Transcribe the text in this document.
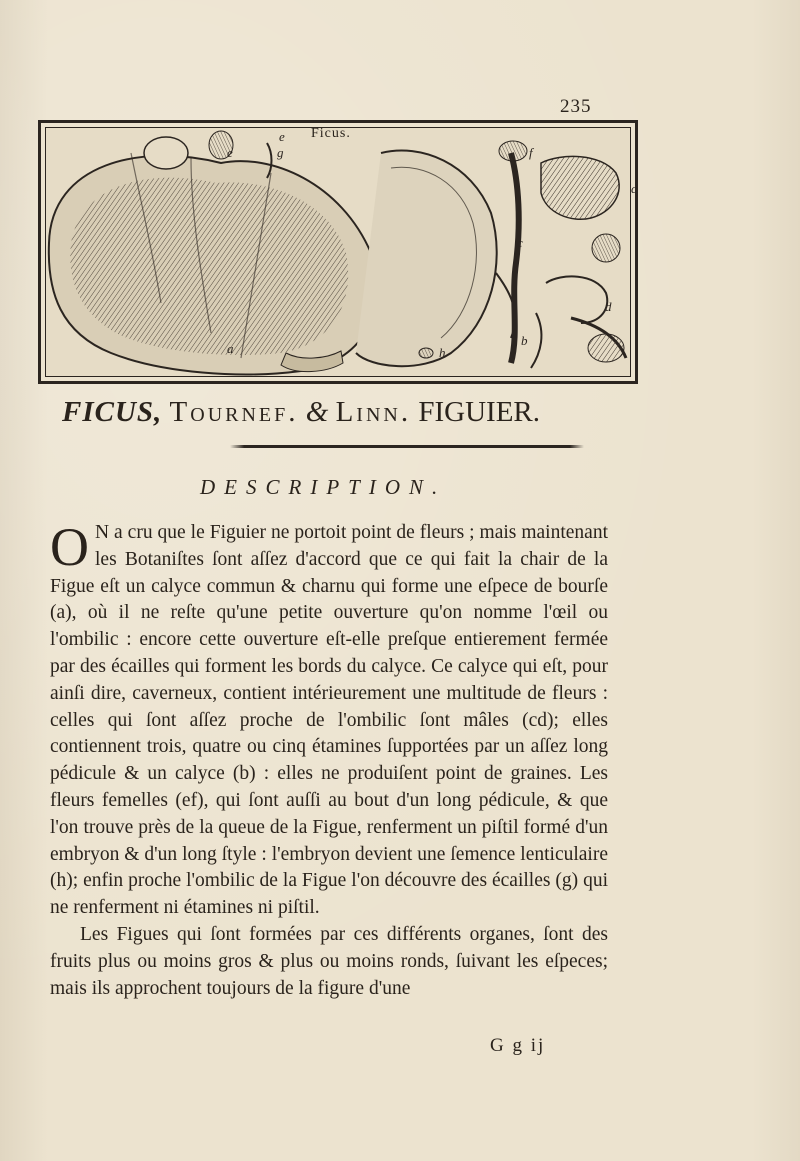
235
Ficus.
e
e
g
a	h
f
c
c
d
b
FICUS, Tournef. & Linn. FIGUIER.
DESCRIPTION.

O N a cru que le Figuier ne portoit point de fleurs ; mais maintenant les Botaniſtes ſont aſſez d'accord que ce qui fait la chair de la Figue eſt un calyce commun & charnu qui forme une eſpece de bourſe (a), où il ne reſte qu'une petite ouverture qu'on nomme l'œil ou l'ombilic : encore cette ouverture eſt-elle preſque entierement fermée par des écailles qui forment les bords du calyce. Ce calyce qui eſt, pour ainſi dire, caverneux, contient intérieurement une multitude de fleurs : celles qui ſont aſſez proche de l'ombilic ſont mâles (cd); elles contiennent trois, quatre ou cinq étamines ſupportées par un aſſez long pédicule & un calyce (b) : elles ne produiſent point de graines. Les fleurs femelles (ef), qui ſont auſſi au bout d'un long pédicule, & que l'on trouve près de la queue de la Figue, renferment un piſtil formé d'un embryon & d'un long ſtyle : l'embryon devient une ſemence lenticulaire (h); enfin proche l'ombilic de la Figue l'on découvre des écailles (g) qui ne renferment ni étamines ni piſtil.

Les Figues qui ſont formées par ces différents organes, ſont des fruits plus ou moins gros & plus ou moins ronds, ſuivant les eſpeces; mais ils approchent toujours de la figure d'une

G g ij
